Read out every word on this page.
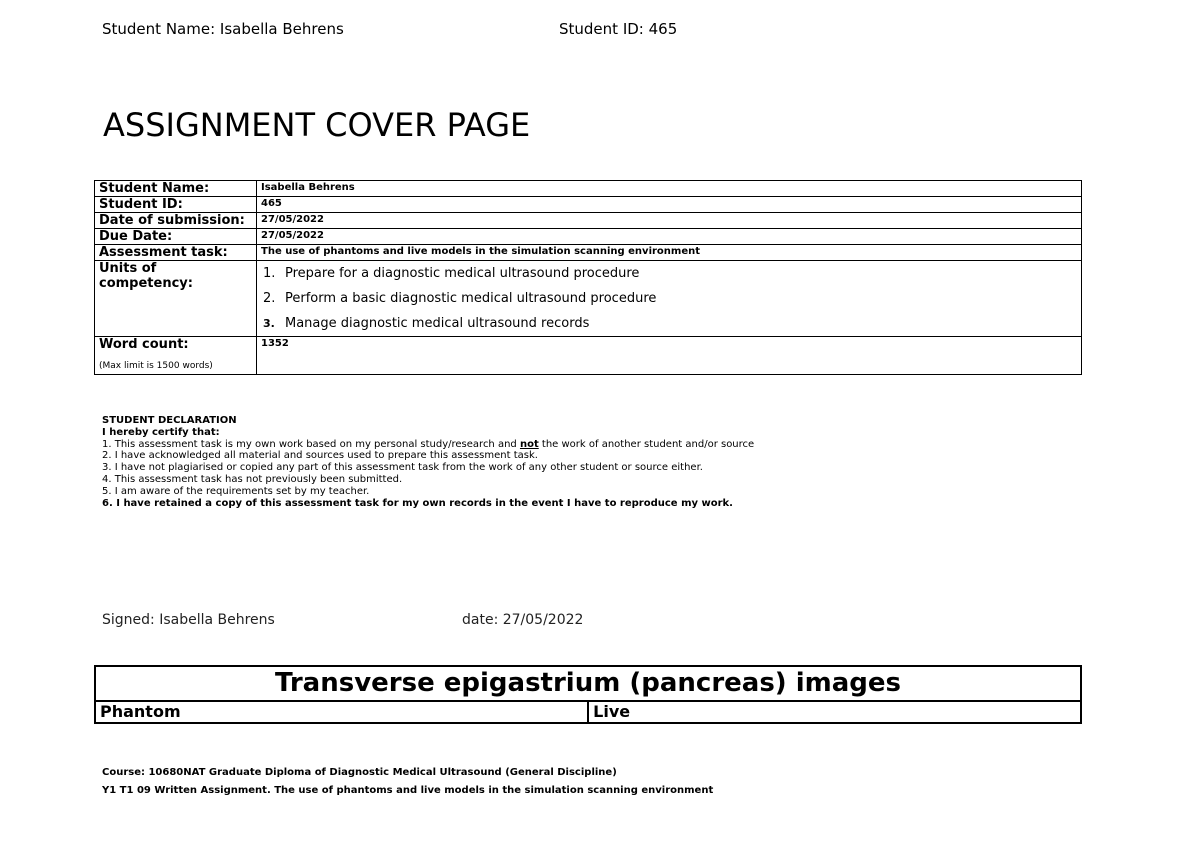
Student Name: Isabella Behrens	Student ID: 465
ASSIGNMENT COVER PAGE
Student Name:	Isabella Behrens
Student ID:	465
Date of submission:	27/05/2022
Due Date:	27/05/2022
Assessment task:	The use of phantoms and live models in the simulation scanning environment
Units of competency:	1. Prepare for a diagnostic medical ultrasound procedure
2. Perform a basic diagnostic medical ultrasound procedure
3. Manage diagnostic medical ultrasound records

Word count:
(Max limit is 1500 words)	1352
STUDENT DECLARATION
I hereby certify that:
1. This assessment task is my own work based on my personal study/research and not the work of another student and/or source
2. I have acknowledged all material and sources used to prepare this assessment task.
3. I have not plagiarised or copied any part of this assessment task from the work of any other student or source either.
4. This assessment task has not previously been submitted.
5. I am aware of the requirements set by my teacher.
6. I have retained a copy of this assessment task for my own records in the event I have to reproduce my work.
Signed: Isabella Behrens	date: 27/05/2022
Transverse epigastrium (pancreas) images
Phantom	Live
Course: 10680NAT Graduate Diploma of Diagnostic Medical Ultrasound (General Discipline)
Y1 T1 09 Written Assignment. The use of phantoms and live models in the simulation scanning environment
